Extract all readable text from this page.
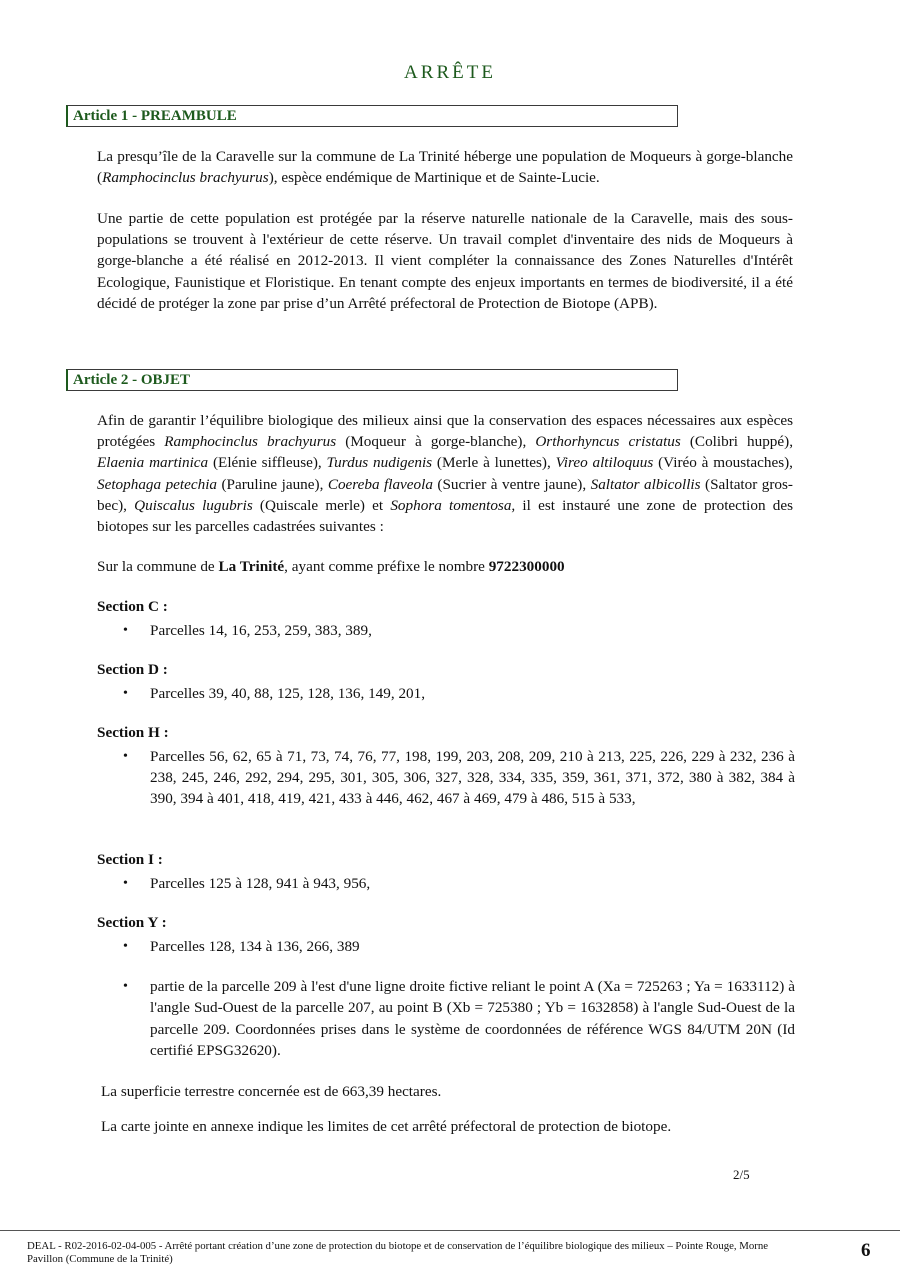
ARRÊTE
Article 1 - PREAMBULE

La presqu’île de la Caravelle sur la commune de La Trinité héberge une population de Moqueurs à gorge-blanche (Ramphocinclus brachyurus), espèce endémique de Martinique et de Sainte-Lucie.

Une partie de cette population est protégée par la réserve naturelle nationale de la Caravelle, mais des sous-populations se trouvent à l'extérieur de cette réserve. Un travail complet d'inventaire des nids de Moqueurs à gorge-blanche a été réalisé en 2012-2013. Il vient compléter la connaissance des Zones Naturelles d'Intérêt Ecologique, Faunistique et Floristique. En tenant compte des enjeux importants en termes de biodiversité, il a été décidé de protéger la zone par prise d’un Arrêté préfectoral de Protection de Biotope (APB).

Article 2 - OBJET

Afin de garantir l’équilibre biologique des milieux ainsi que la conservation des espaces nécessaires aux espèces protégées Ramphocinclus brachyurus (Moqueur à gorge-blanche), Orthorhyncus cristatus (Colibri huppé), Elaenia martinica (Elénie siffleuse), Turdus nudigenis (Merle à lunettes), Vireo altiloquus (Viréo à moustaches), Setophaga petechia (Paruline jaune), Coereba flaveola (Sucrier à ventre jaune), Saltator albicollis (Saltator gros-bec), Quiscalus lugubris (Quiscale merle) et Sophora tomentosa, il est instauré une zone de protection des biotopes sur les parcelles cadastrées suivantes :

Sur la commune de La Trinité, ayant comme préfixe le nombre 9722300000

Section C :

• Parcelles 14, 16, 253, 259, 383, 389,

Section D :

• Parcelles 39, 40, 88, 125, 128, 136, 149, 201,

Section H :

• Parcelles 56, 62, 65 à 71, 73, 74, 76, 77, 198, 199, 203, 208, 209, 210 à 213, 225, 226, 229 à 232, 236 à 238, 245, 246, 292, 294, 295, 301, 305, 306, 327, 328, 334, 335, 359, 361, 371, 372, 380 à 382, 384 à 390, 394 à 401, 418, 419, 421, 433 à 446, 462, 467 à 469, 479 à 486, 515 à 533,

Section I :

• Parcelles 125 à 128, 941 à 943, 956,

Section Y :

• Parcelles 128, 134 à 136, 266, 389
• partie de la parcelle 209 à l'est d'une ligne droite fictive reliant le point A (Xa = 725263 ; Ya = 1633112) à l'angle Sud-Ouest de la parcelle 207, au point B (Xb = 725380 ; Yb = 1632858) à l'angle Sud-Ouest de la parcelle 209. Coordonnées prises dans le système de coordonnées de référence WGS 84/UTM 20N (Id certifié EPSG32620).

La superficie terrestre concernée est de 663,39 hectares.

La carte jointe en annexe indique les limites de cet arrêté préfectoral de protection de biotope.

2/5
DEAL - R02-2016-02-04-005 - Arrêté portant création d’une zone de protection du biotope et de conservation de l’équilibre biologique des milieux – Pointe Rouge, Morne Pavillon (Commune de la Trinité)	6
